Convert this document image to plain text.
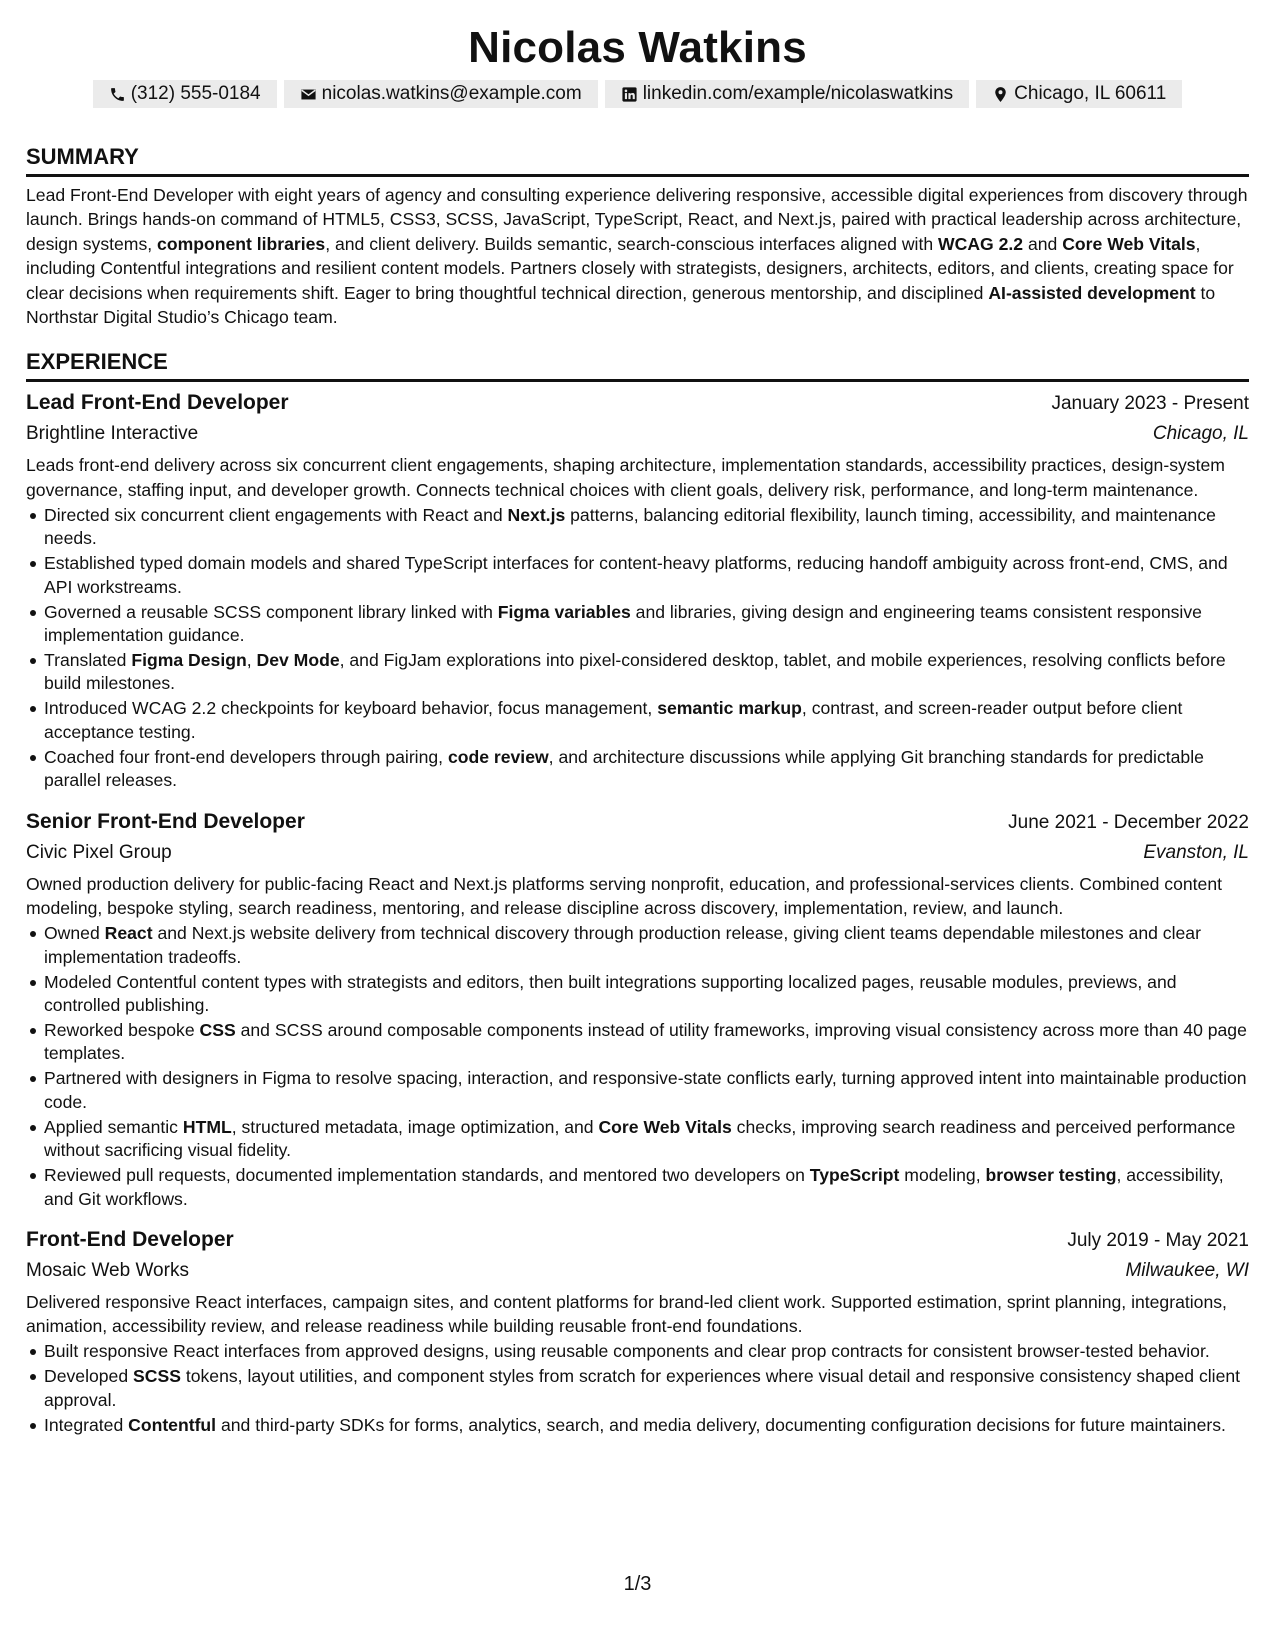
Nicolas Watkins
(312) 555-0184	nicolas.watkins@example.com	linkedin.com/example/nicolaswatkins	Chicago, IL 60611
SUMMARY

Lead Front-End Developer with eight years of agency and consulting experience delivering responsive, accessible digital experiences from discovery through launch. Brings hands-on command of HTML5, CSS3, SCSS, JavaScript, TypeScript, React, and Next.js, paired with practical leadership across architecture, design systems, component libraries, and client delivery. Builds semantic, search-conscious interfaces aligned with WCAG 2.2 and Core Web Vitals, including Contentful integrations and resilient content models. Partners closely with strategists, designers, architects, editors, and clients, creating space for clear decisions when requirements shift. Eager to bring thoughtful technical direction, generous mentorship, and disciplined AI-assisted development to Northstar Digital Studio’s Chicago team.

EXPERIENCE
Lead Front-End Developer	January 2023 - Present
Brightline Interactive	Chicago, IL

Leads front-end delivery across six concurrent client engagements, shaping architecture, implementation standards, accessibility practices, design-system governance, staffing input, and developer growth. Connects technical choices with client goals, delivery risk, performance, and long-term maintenance.

Directed six concurrent client engagements with React and Next.js patterns, balancing editorial flexibility, launch timing, accessibility, and maintenance needs.
Established typed domain models and shared TypeScript interfaces for content-heavy platforms, reducing handoff ambiguity across front-end, CMS, and API workstreams.
Governed a reusable SCSS component library linked with Figma variables and libraries, giving design and engineering teams consistent responsive implementation guidance.
Translated Figma Design, Dev Mode, and FigJam explorations into pixel-considered desktop, tablet, and mobile experiences, resolving conflicts before build milestones.
Introduced WCAG 2.2 checkpoints for keyboard behavior, focus management, semantic markup, contrast, and screen-reader output before client acceptance testing.
Coached four front-end developers through pairing, code review, and architecture discussions while applying Git branching standards for predictable parallel releases.
Senior Front-End Developer	June 2021 - December 2022
Civic Pixel Group	Evanston, IL

Owned production delivery for public-facing React and Next.js platforms serving nonprofit, education, and professional-services clients. Combined content modeling, bespoke styling, search readiness, mentoring, and release discipline across discovery, implementation, review, and launch.

Owned React and Next.js website delivery from technical discovery through production release, giving client teams dependable milestones and clear implementation tradeoffs.
Modeled Contentful content types with strategists and editors, then built integrations supporting localized pages, reusable modules, previews, and controlled publishing.
Reworked bespoke CSS and SCSS around composable components instead of utility frameworks, improving visual consistency across more than 40 page templates.
Partnered with designers in Figma to resolve spacing, interaction, and responsive-state conflicts early, turning approved intent into maintainable production code.
Applied semantic HTML, structured metadata, image optimization, and Core Web Vitals checks, improving search readiness and perceived performance without sacrificing visual fidelity.
Reviewed pull requests, documented implementation standards, and mentored two developers on TypeScript modeling, browser testing, accessibility, and Git workflows.
Front-End Developer	July 2019 - May 2021
Mosaic Web Works	Milwaukee, WI

Delivered responsive React interfaces, campaign sites, and content platforms for brand-led client work. Supported estimation, sprint planning, integrations, animation, accessibility review, and release readiness while building reusable front-end foundations.

Built responsive React interfaces from approved designs, using reusable components and clear prop contracts for consistent browser-tested behavior.
Developed SCSS tokens, layout utilities, and component styles from scratch for experiences where visual detail and responsive consistency shaped client approval.
Integrated Contentful and third-party SDKs for forms, analytics, search, and media delivery, documenting configuration decisions for future maintainers.
1/3
